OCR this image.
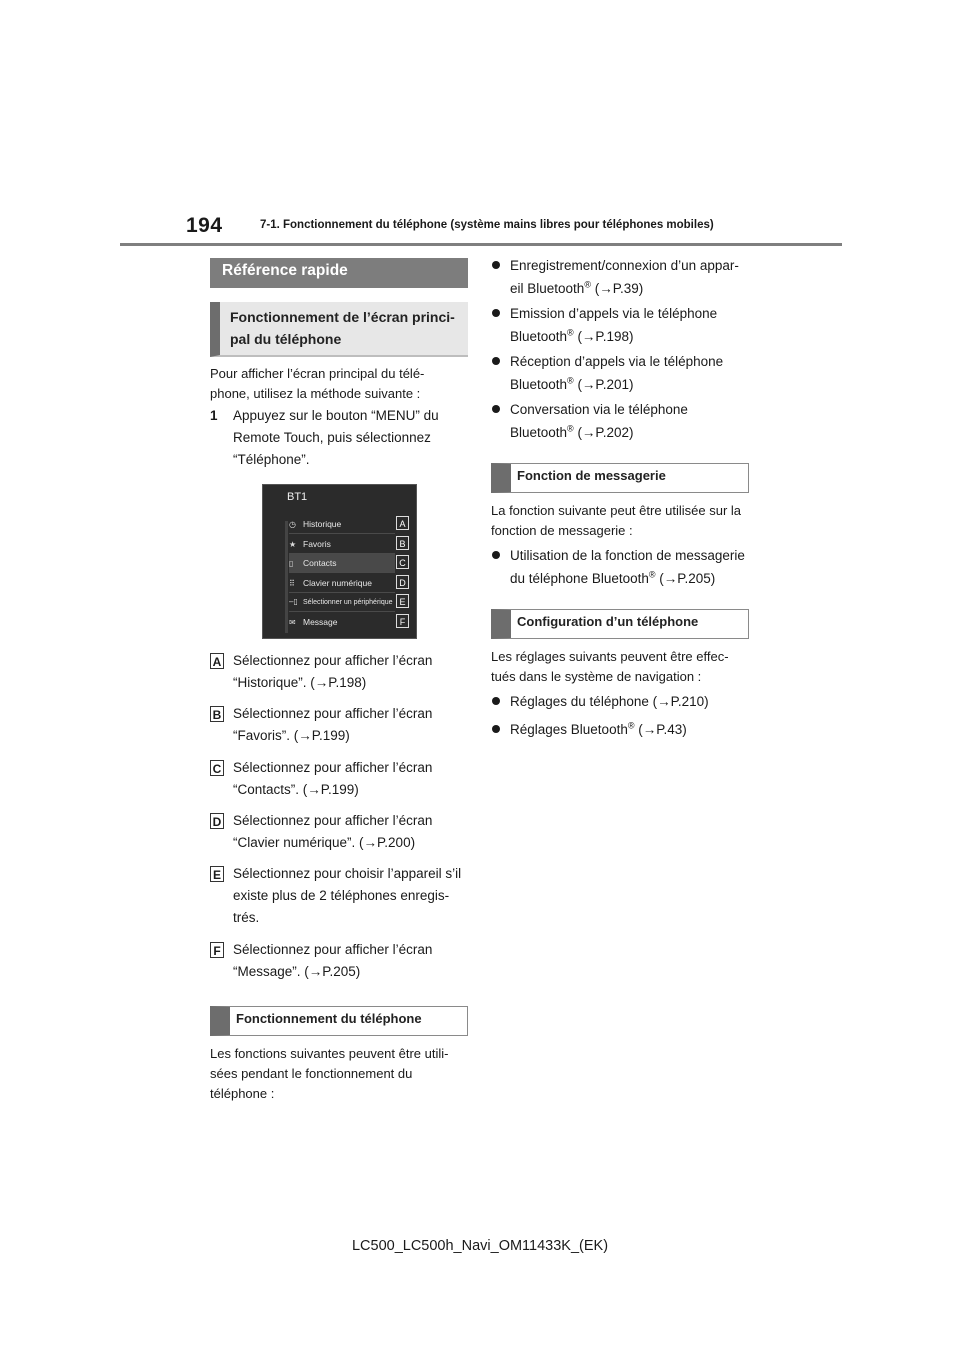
194	7-1. Fonctionnement du téléphone (système mains libres pour téléphones mobiles)
Référence rapide
Fonctionnement de l’écran princi-
pal du téléphone
Pour afficher l’écran principal du télé-
phone, utilisez la méthode suivante :
1 Appuyez sur le bouton “MENU” du
Remote Touch, puis sélectionnez
“Téléphone”.
BT1
◷ Historique
★ Favoris
▯ Contacts
⠿ Clavier numérique
–▯ Sélectionner un périphérique
✉ Message
A
B
C
D
E
F
A Sélectionnez pour afficher l’écran
“Historique”. (→P.198)
B Sélectionnez pour afficher l’écran
“Favoris”. (→P.199)
C Sélectionnez pour afficher l’écran
“Contacts”. (→P.199)
D Sélectionnez pour afficher l’écran
“Clavier numérique”. (→P.200)
E Sélectionnez pour choisir l’appareil s’il
existe plus de 2 téléphones enregis-
trés.
F Sélectionnez pour afficher l’écran
“Message”. (→P.205)
Fonctionnement du téléphone
Les fonctions suivantes peuvent être utili-
sées pendant le fonctionnement du
téléphone :
Enregistrement/connexion d’un appar-
eil Bluetooth® (→P.39)
Emission d’appels via le téléphone
Bluetooth® (→P.198)
Réception d’appels via le téléphone
Bluetooth® (→P.201)
Conversation via le téléphone
Bluetooth® (→P.202)
Fonction de messagerie
La fonction suivante peut être utilisée sur la
fonction de messagerie :
Utilisation de la fonction de messagerie
du téléphone Bluetooth® (→P.205)
Configuration d’un téléphone
Les réglages suivants peuvent être effec-
tués dans le système de navigation :
Réglages du téléphone (→P.210)
Réglages Bluetooth® (→P.43)
LC500_LC500h_Navi_OM11433K_(EK)
